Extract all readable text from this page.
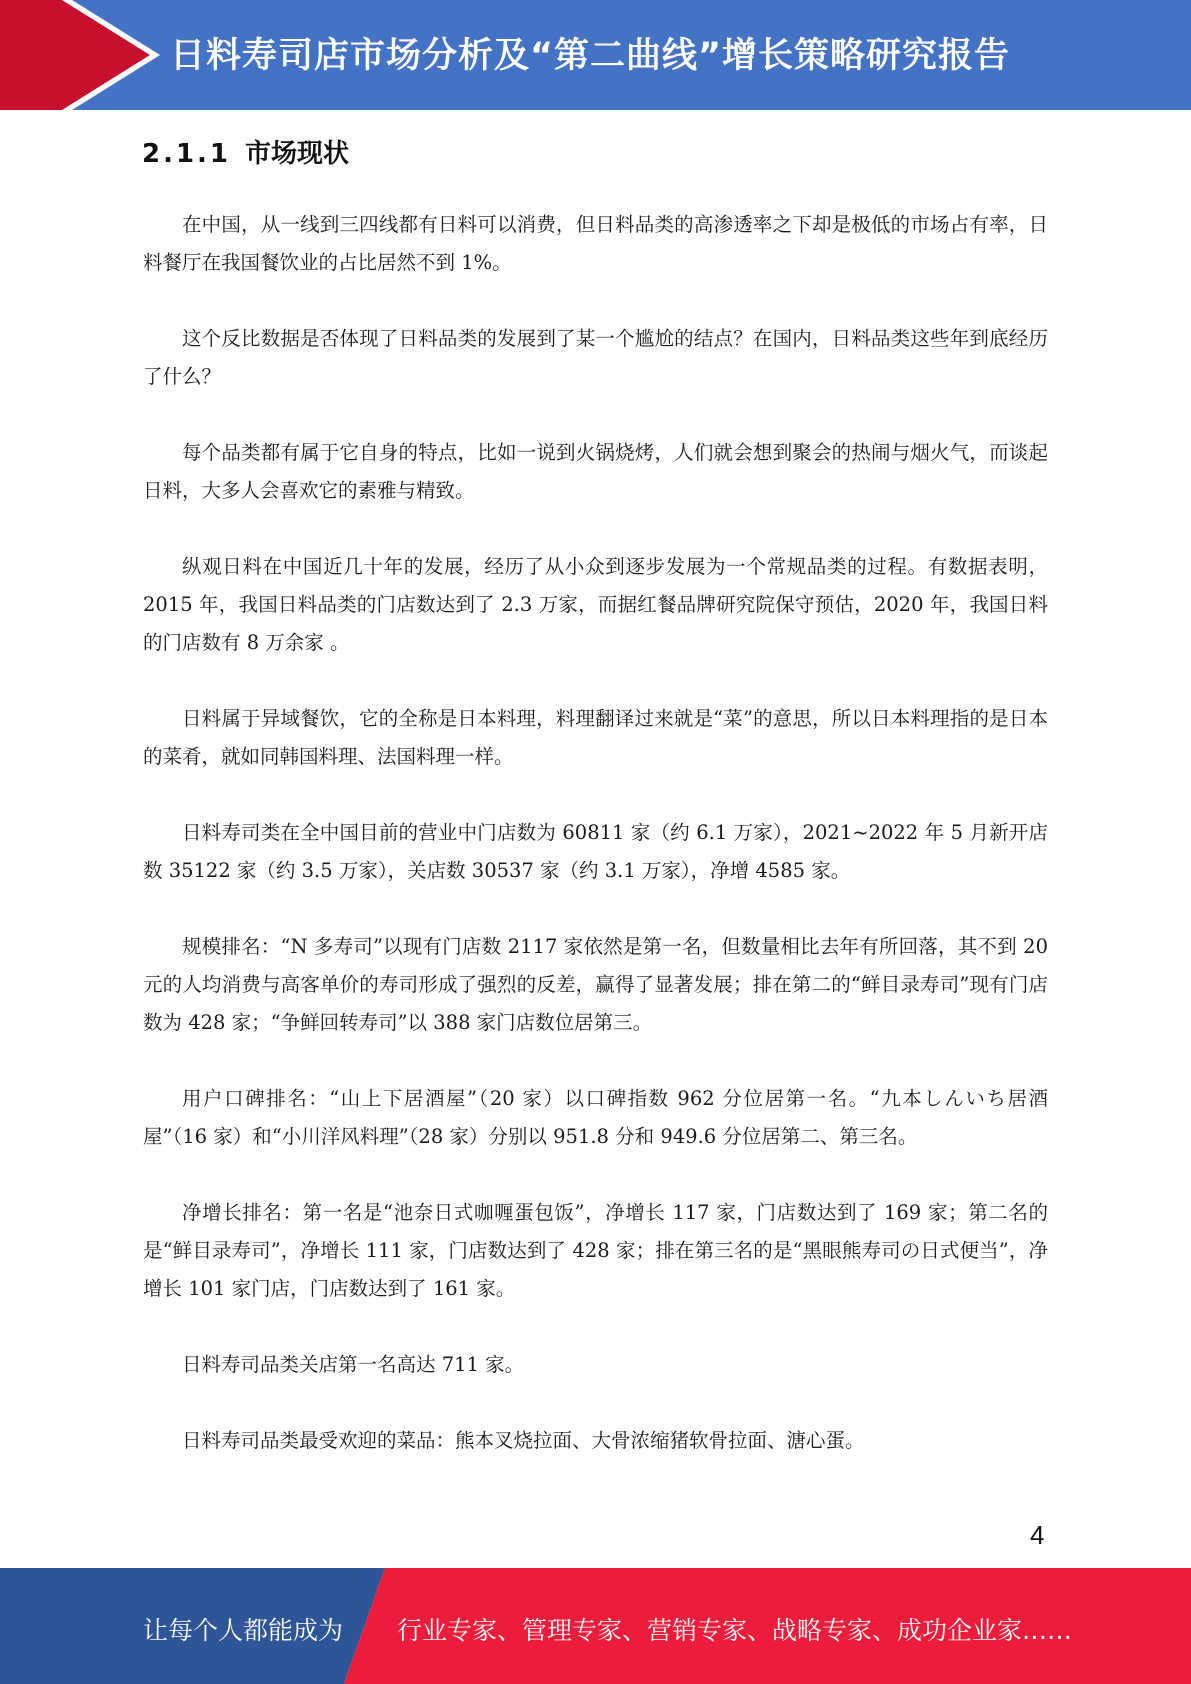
日料寿司店市场分析及“第二曲线”增长策略研究报告
2.1.1 市场现状

在中国，从一线到三四线都有日料可以消费，但日料品类的高渗透率之下却是极低的市场占有率，日料餐厅在我国餐饮业的占比居然不到 1%。

这个反比数据是否体现了日料品类的发展到了某一个尴尬的结点？在国内，日料品类这些年到底经历了什么？

每个品类都有属于它自身的特点，比如一说到火锅烧烤，人们就会想到聚会的热闹与烟火气，而谈起日料，大多人会喜欢它的素雅与精致。

纵观日料在中国近几十年的发展，经历了从小众到逐步发展为一个常规品类的过程。有数据表明，2015 年，我国日料品类的门店数达到了 2.3 万家，而据红餐品牌研究院保守预估，2020 年，我国日料的门店数有 8 万余家 。

日料属于异域餐饮，它的全称是日本料理，料理翻译过来就是“菜”的意思，所以日本料理指的是日本的菜肴，就如同韩国料理、法国料理一样。

日料寿司类在全中国目前的营业中门店数为 60811 家（约 6.1 万家），2021~2022 年 5 月新开店数 35122 家（约 3.5 万家），关店数 30537 家（约 3.1 万家），净增 4585 家。

规模排名：“N 多寿司”以现有门店数 2117 家依然是第一名，但数量相比去年有所回落，其不到 20 元的人均消费与高客单价的寿司形成了强烈的反差，赢得了显著发展；排在第二的“鲜目录寿司”现有门店数为 428 家；“争鲜回转寿司”以 388 家门店数位居第三。

用户口碑排名：“山上下居酒屋”（20 家）以口碑指数 962 分位居第一名。“九本しんいち居酒屋”（16 家）和“小川洋风料理”（28 家）分别以 951.8 分和 949.6 分位居第二、第三名。

净增长排名：第一名是“池奈日式咖喱蛋包饭”，净增长 117 家，门店数达到了 169 家；第二名的是“鲜目录寿司”，净增长 111 家，门店数达到了 428 家；排在第三名的是“黑眼熊寿司の日式便当”，净增长 101 家门店，门店数达到了 161 家。

日料寿司品类关店第一名高达 711 家。

日料寿司品类最受欢迎的菜品：熊本叉烧拉面、大骨浓缩猪软骨拉面、溏心蛋。

4
让每个人都能成为 行业专家、管理专家、营销专家、战略专家、成功企业家……
